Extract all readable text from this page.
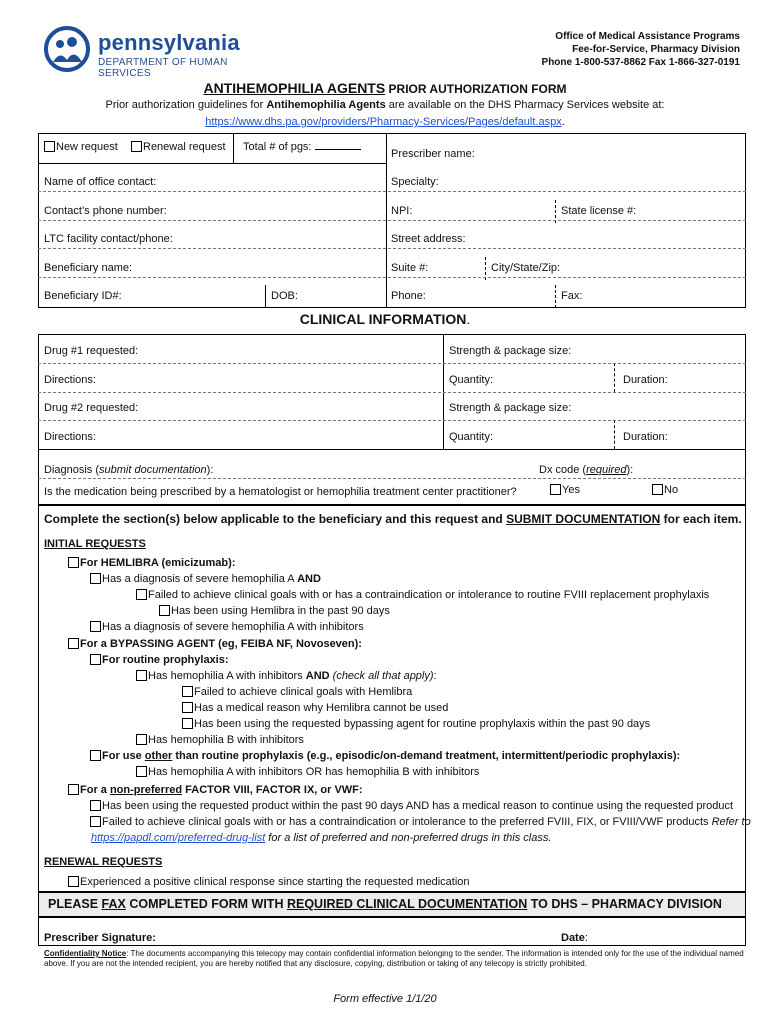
pennsylvania
DEPARTMENT OF HUMAN SERVICES
Office of Medical Assistance Programs
Fee-for-Service, Pharmacy Division
Phone 1-800-537-8862 Fax 1-866-327-0191
ANTIHEMOPHILIA AGENTS PRIOR AUTHORIZATION FORM
Prior authorization guidelines for Antihemophilia Agents are available on the DHS Pharmacy Services website at:
https://www.dhs.pa.gov/providers/Pharmacy-Services/Pages/default.aspx.
New request	Renewal request Total # of pgs:
Prescriber name:
Name of office contact:	Specialty:
Contact’s phone number:	NPI:	State license #:
LTC facility contact/phone:	Street address:
Beneficiary name:	Suite #:	City/State/Zip:
Beneficiary ID#:	DOB:	Phone:	Fax:
CLINICAL INFORMATION.
Drug #1 requested:	Strength & package size:
Directions:	Quantity:	Duration:
Drug #2 requested:	Strength & package size:
Directions:	Quantity:	Duration:
Diagnosis (submit documentation):	Dx code (required):
Is the medication being prescribed by a hematologist or hemophilia treatment center practitioner?	Yes	No
Complete the section(s) below applicable to the beneficiary and this request and SUBMIT DOCUMENTATION for each item.
INITIAL REQUESTS
For HEMLIBRA (emicizumab):
Has a diagnosis of severe hemophilia A AND
Failed to achieve clinical goals with or has a contraindication or intolerance to routine FVIII replacement prophylaxis
Has been using Hemlibra in the past 90 days
Has a diagnosis of severe hemophilia A with inhibitors
For a BYPASSING AGENT (eg, FEIBA NF, Novoseven):
For routine prophylaxis:
Has hemophilia A with inhibitors AND (check all that apply):
Failed to achieve clinical goals with Hemlibra
Has a medical reason why Hemlibra cannot be used
Has been using the requested bypassing agent for routine prophylaxis within the past 90 days
Has hemophilia B with inhibitors
For use other than routine prophylaxis (e.g., episodic/on-demand treatment, intermittent/periodic prophylaxis):
Has hemophilia A with inhibitors OR has hemophilia B with inhibitors
For a non-preferred FACTOR VIII, FACTOR IX, or VWF:
Has been using the requested product within the past 90 days AND has a medical reason to continue using the requested product
Failed to achieve clinical goals with or has a contraindication or intolerance to the preferred FVIII, FIX, or FVIII/VWF products Refer to
https://papdl.com/preferred-drug-list for a list of preferred and non-preferred drugs in this class.
RENEWAL REQUESTS
Experienced a positive clinical response since starting the requested medication
PLEASE FAX COMPLETED FORM WITH REQUIRED CLINICAL DOCUMENTATION TO DHS – PHARMACY DIVISION
Prescriber Signature:	Date:
Confidentiality Notice: The documents accompanying this telecopy may contain confidential information belonging to the sender. The information is intended only for the use of the individual named above. If you are not the intended recipient, you are hereby notified that any disclosure, copying, distribution or taking of any telecopy is strictly prohibited.
Form effective 1/1/20
